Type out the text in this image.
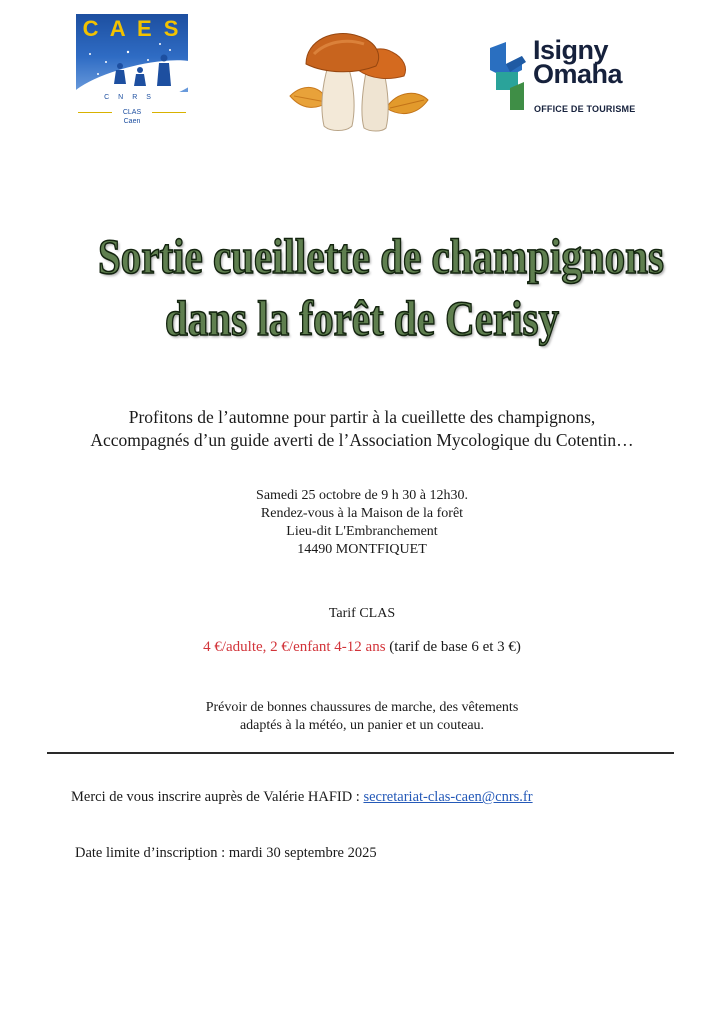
C A E S
CNRS
CLAS
Caen
Isigny
Omaha
OFFICE DE TOURISME
Sortie cueillette de champignons
dans la forêt de Cerisy
Profitons de l’automne pour partir à la cueillette des champignons,
Accompagnés d’un guide averti de l’Association Mycologique du Cotentin…
Samedi 25 octobre de 9 h 30 à 12h30.
Rendez-vous à la Maison de la forêt
Lieu-dit L'Embranchement
14490 MONTFIQUET
Tarif CLAS
4 €/adulte, 2 €/enfant 4-12 ans (tarif de base 6 et 3 €)
Prévoir de bonnes chaussures de marche, des vêtements
adaptés à la météo, un panier et un couteau.
Merci de vous inscrire auprès de Valérie HAFID : secretariat-clas-caen@cnrs.fr
Date limite d’inscription : mardi 30 septembre 2025
